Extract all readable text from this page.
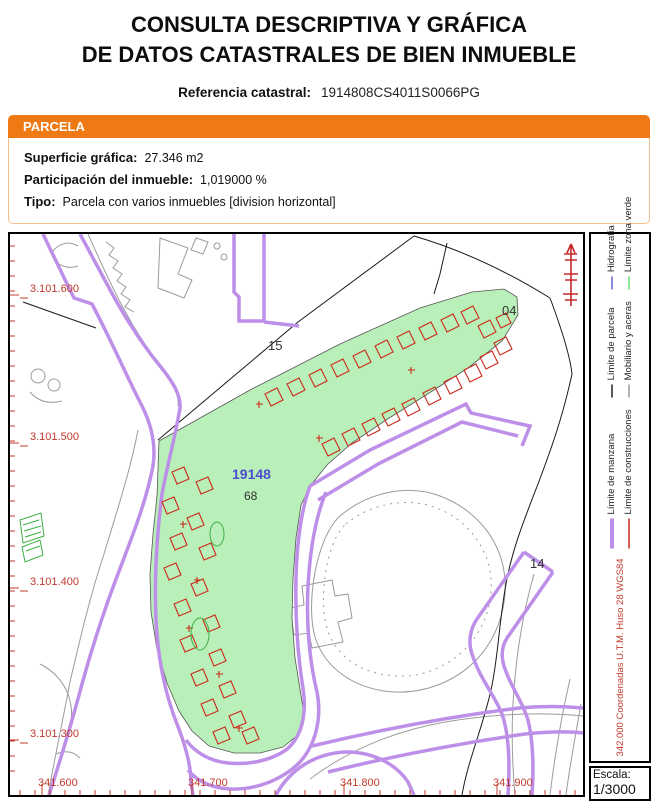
CONSULTA DESCRIPTIVA Y GRÁFICA
DE DATOS CATASTRALES DE BIEN INMUEBLE
Referencia catastral: 1914808CS4011S0066PG
PARCELA
Superficie gráfica: 27.346 m2
Participación del inmueble: 1,019000 %
Tipo: Parcela con varios inmuebles [division horizontal]
3.101.600
3.101.500
3.101.400
3.101.300
341.600	341.700	341.800	341.900
15
04
14
68
19148
342.000 Coordenadas U.T.M. Huso 28 WGS84
Límite de manzana
Límite de parcela
Hidrografía
Límite de construcciones
Mobiliario y aceras
Límite zona verde
Escala:
1/3000
